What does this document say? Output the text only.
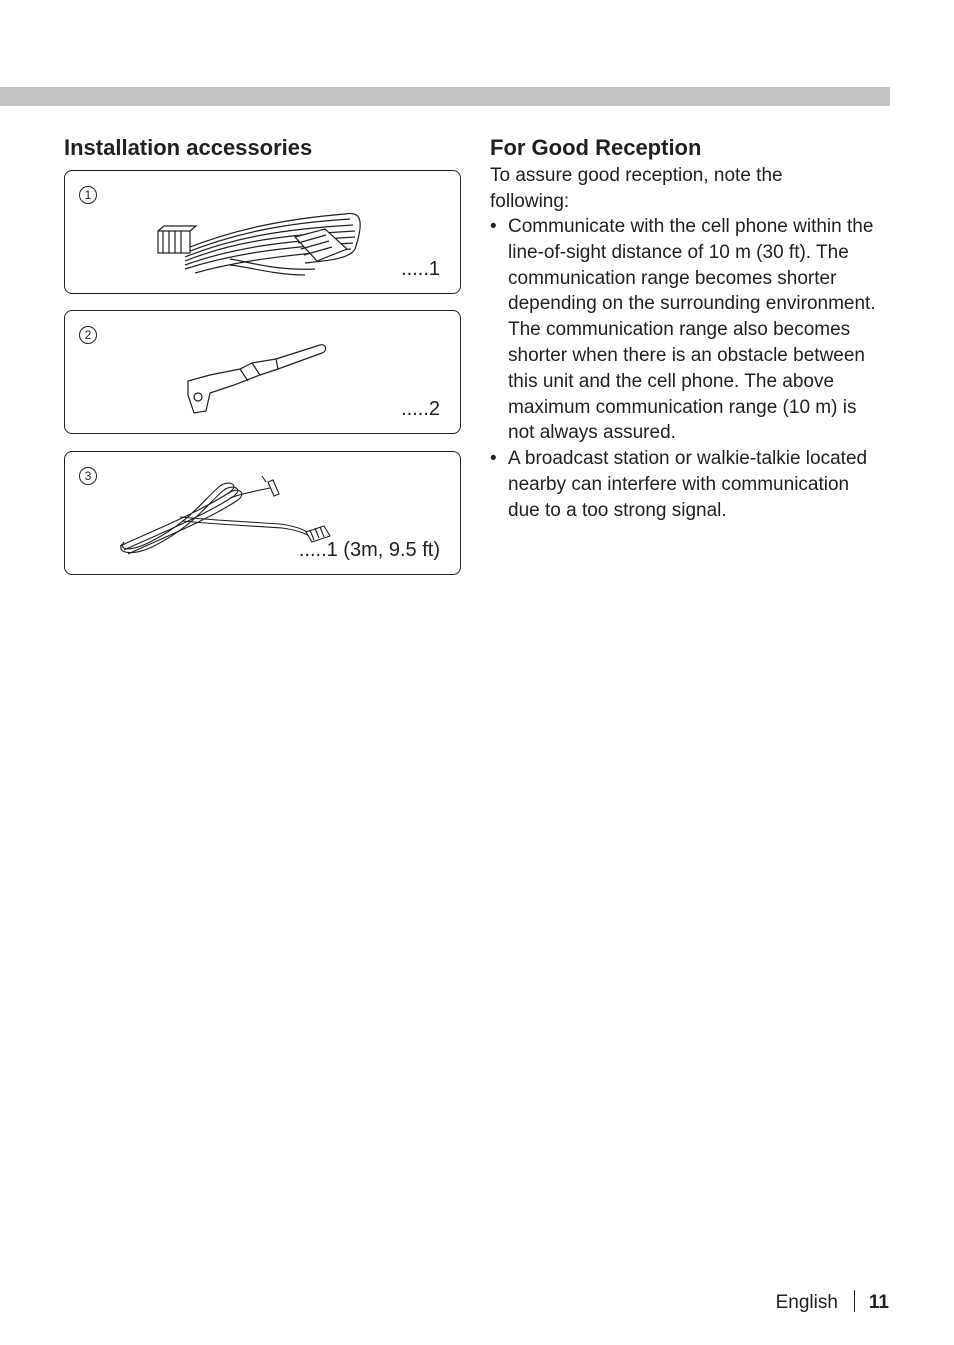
Installation accessories
1
.....1
2
.....2
3
.....1 (3m, 9.5 ft)
For Good Reception

To assure good reception, note the following:

• Communicate with the cell phone within the line-of-sight distance of 10 m (30 ft). The communication range becomes shorter depending on the surrounding environment. The communication range also becomes shorter when there is an obstacle between this unit and the cell phone. The above maximum communication range (10 m) is not always assured.
• A broadcast station or walkie-talkie located nearby can interfere with communication due to a too strong signal.
English 11
